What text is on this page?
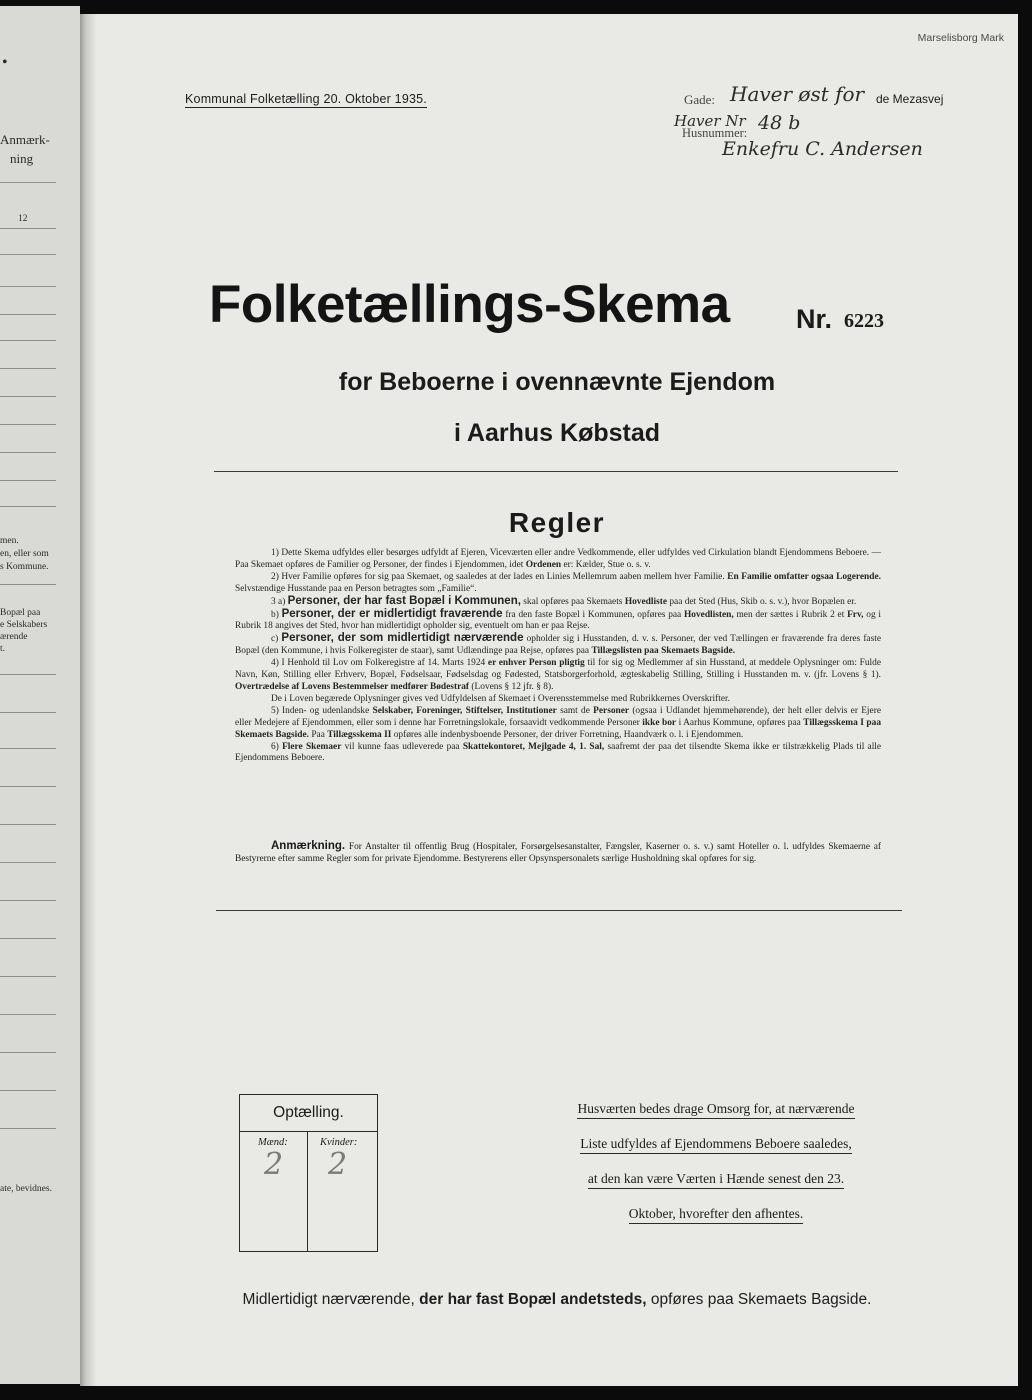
•
Anmærk-
ning
12
men.
en, eller som
s Kommune.
Bopæl paa
e Selskabers
ærende
t.
ate, bevidnes.
Marselisborg Mark
Kommunal Folketælling 20. Oktober 1935.	Gade: Haver øst for de Mezasvej
Haver Nr
Husnummer: 48 b
Enkefru C. Andersen
Folketællings-Skema Nr. 6223
for Beboerne i ovennævnte Ejendom
i Aarhus Købstad
Regler

1) Dette Skema udfyldes eller besørges udfyldt af Ejeren, Viceværten eller andre Vedkommende, eller udfyldes ved Cirkulation blandt Ejendommens Beboere. — Paa Skemaet opføres de Familier og Personer, der findes i Ejendommen, idet Ordenen er: Kælder, Stue o. s. v.

2) Hver Familie opføres for sig paa Skemaet, og saaledes at der lades en Linies Mellemrum aaben mellem hver Familie. En Familie omfatter ogsaa Logerende. Selvstændige Husstande paa en Person betragtes som „Familie“.

3 a) Personer, der har fast Bopæl i Kommunen, skal opføres paa Skemaets Hovedliste paa det Sted (Hus, Skib o. s. v.), hvor Bopælen er.

b) Personer, der er midlertidigt fraværende fra den faste Bopæl i Kommunen, opføres paa Hovedlisten, men der sættes i Rubrik 2 et Frv, og i Rubrik 18 angives det Sted, hvor han midlertidigt opholder sig, eventuelt om han er paa Rejse.

c) Personer, der som midlertidigt nærværende opholder sig i Husstanden, d. v. s. Personer, der ved Tællingen er fraværende fra deres faste Bopæl (den Kommune, i hvis Folkeregister de staar), samt Udlændinge paa Rejse, opføres paa Tillægslisten paa Skemaets Bagside.

4) I Henhold til Lov om Folkeregistre af 14. Marts 1924 er enhver Person pligtig til for sig og Medlemmer af sin Husstand, at meddele Oplysninger om: Fulde Navn, Køn, Stilling eller Erhverv, Bopæl, Fødselsaar, Fødselsdag og Fødested, Statsborgerforhold, ægteskabelig Stilling, Stilling i Husstanden m. v. (jfr. Lovens § 1). Overtrædelse af Lovens Bestemmelser medfører Bødestraf (Lovens § 12 jfr. § 8).

De i Loven begærede Oplysninger gives ved Udfyldelsen af Skemaet i Overensstemmelse med Rubrikkernes Overskrifter.

5) Inden- og udenlandske Selskaber, Foreninger, Stiftelser, Institutioner samt de Personer (ogsaa i Udlandet hjemmehørende), der helt eller delvis er Ejere eller Medejere af Ejendommen, eller som i denne har Forretningslokale, forsaavidt vedkommende Personer ikke bor i Aarhus Kommune, opføres paa Tillægsskema I paa Skemaets Bagside. Paa Tillægsskema II opføres alle indenbysboende Personer, der driver Forretning, Haandværk o. l. i Ejendommen.

6) Flere Skemaer vil kunne faas udleverede paa Skattekontoret, Mejlgade 4, 1. Sal, saafremt der paa det tilsendte Skema ikke er tilstrækkelig Plads til alle Ejendommens Beboere.

Anmærkning. For Anstalter til offentlig Brug (Hospitaler, Forsørgelsesanstalter, Fængsler, Kaserner o. s. v.) samt Hoteller o. l. udfyldes Skemaerne af Bestyrerne efter samme Regler som for private Ejendomme. Bestyrerens eller Opsynspersonalets særlige Husholdning skal opføres for sig.

Optælling.
Mænd:	Kvinder:
2 2
Husværten bedes drage Omsorg for, at nærværende
Liste udfyldes af Ejendommens Beboere saaledes,
at den kan være Værten i Hænde senest den 23.
Oktober, hvorefter den afhentes.
Midlertidigt nærværende, der har fast Bopæl andetsteds, opføres paa Skemaets Bagside.
